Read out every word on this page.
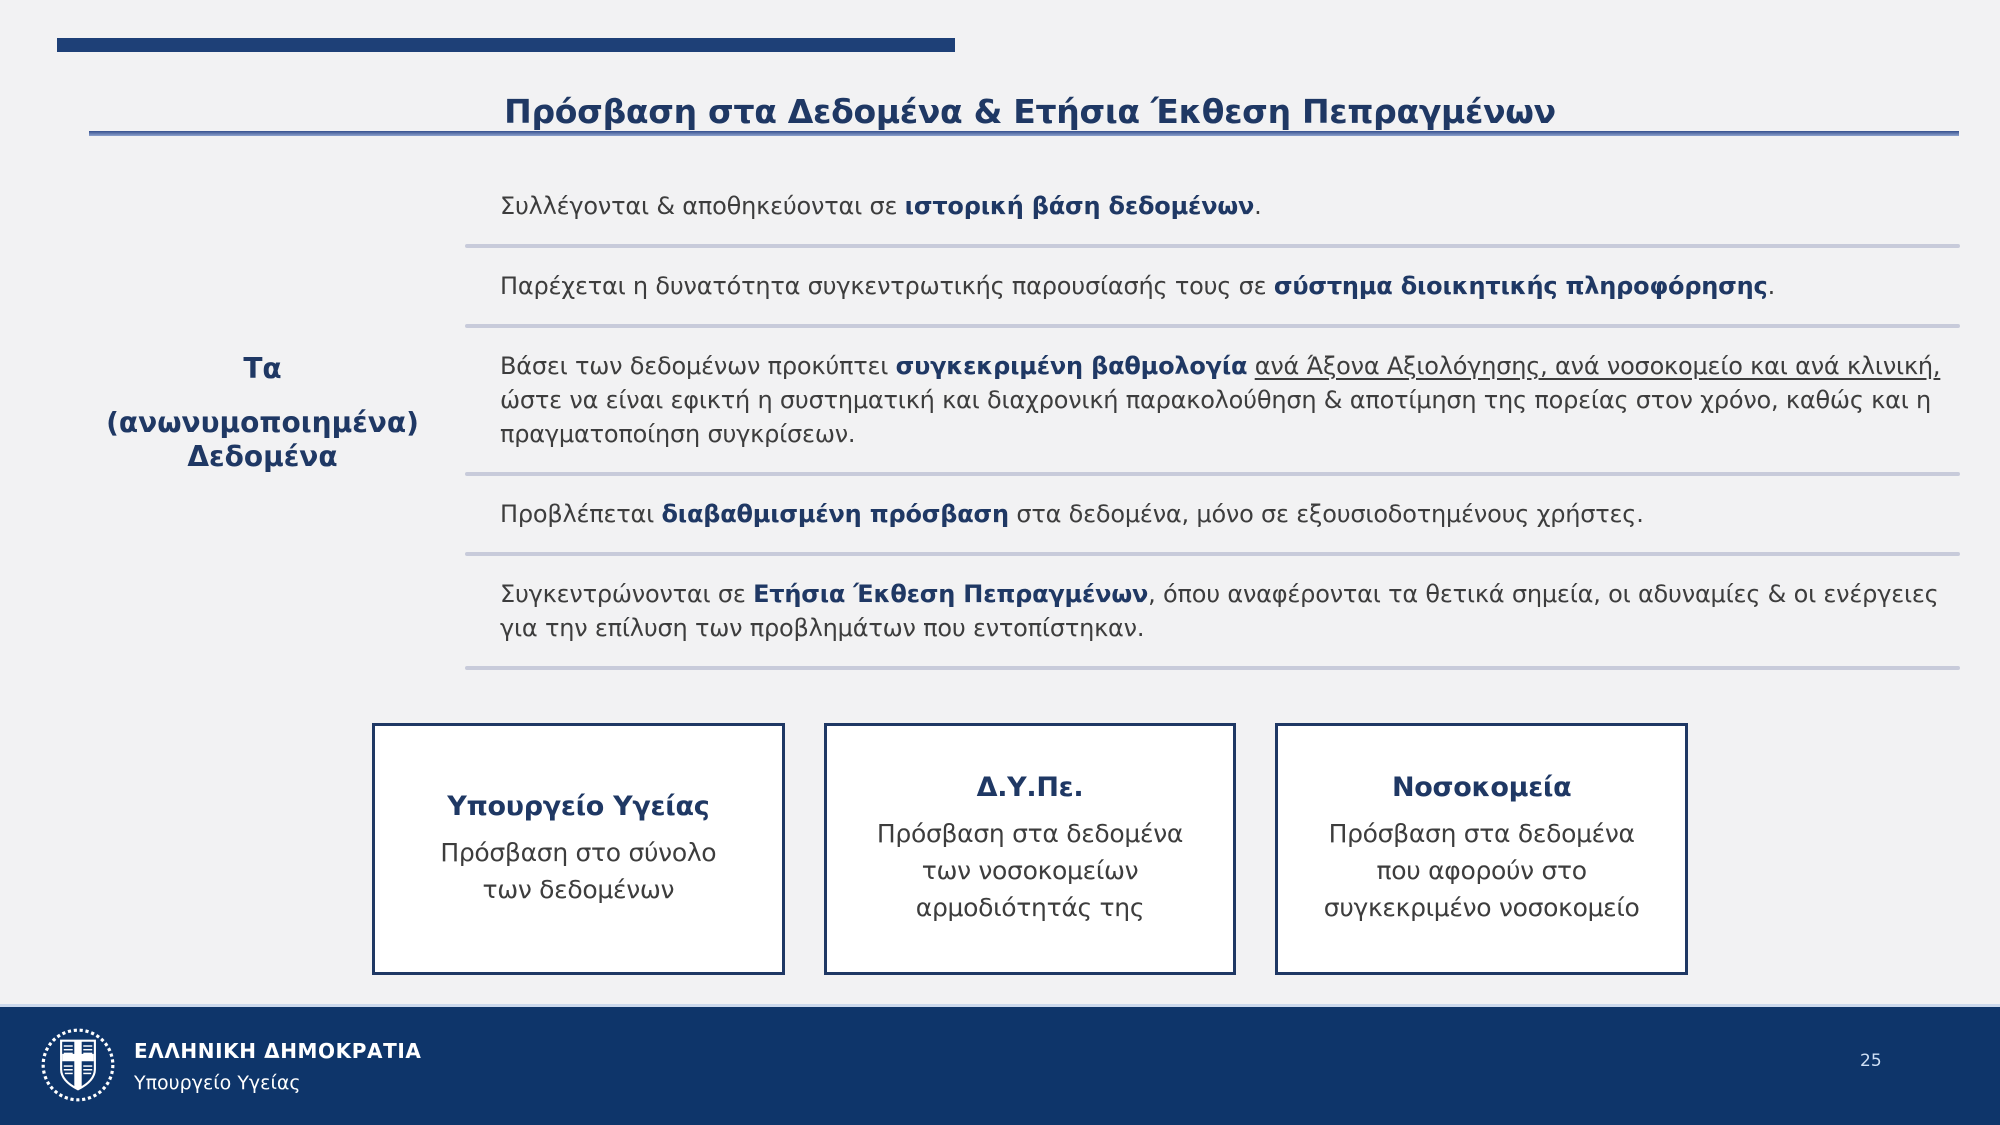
Πρόσβαση στα Δεδομένα & Ετήσια Έκθεση Πεπραγμένων
Τα
(ανωνυμοποιημένα)
Δεδομένα
Συλλέγονται & αποθηκεύονται σε ιστορική βάση δεδομένων.
Παρέχεται η δυνατότητα συγκεντρωτικής παρουσίασής τους σε σύστημα διοικητικής πληροφόρησης.
Βάσει των δεδομένων προκύπτει συγκεκριμένη βαθμολογία ανά Άξονα Αξιολόγησης, ανά νοσοκομείο και ανά κλινική, ώστε να είναι εφικτή η συστηματική και διαχρονική παρακολούθηση & αποτίμηση της πορείας στον χρόνο, καθώς και η πραγματοποίηση συγκρίσεων.
Προβλέπεται διαβαθμισμένη πρόσβαση στα δεδομένα, μόνο σε εξουσιοδοτημένους χρήστες.
Συγκεντρώνονται σε Ετήσια Έκθεση Πεπραγμένων, όπου αναφέρονται τα θετικά σημεία, οι αδυναμίες & οι ενέργειες για την επίλυση των προβλημάτων που εντοπίστηκαν.
Υπουργείο Υγείας
Πρόσβαση στο σύνολο των δεδομένων
Δ.Υ.Πε.
Πρόσβαση στα δεδομένα των νοσοκομείων αρμοδιότητάς της
Νοσοκομεία
Πρόσβαση στα δεδομένα που αφορούν στο συγκεκριμένο νοσοκομείο
ΕΛΛΗΝΙΚΗ ΔΗΜΟΚΡΑΤΙΑ
Υπουργείο Υγείας
25
